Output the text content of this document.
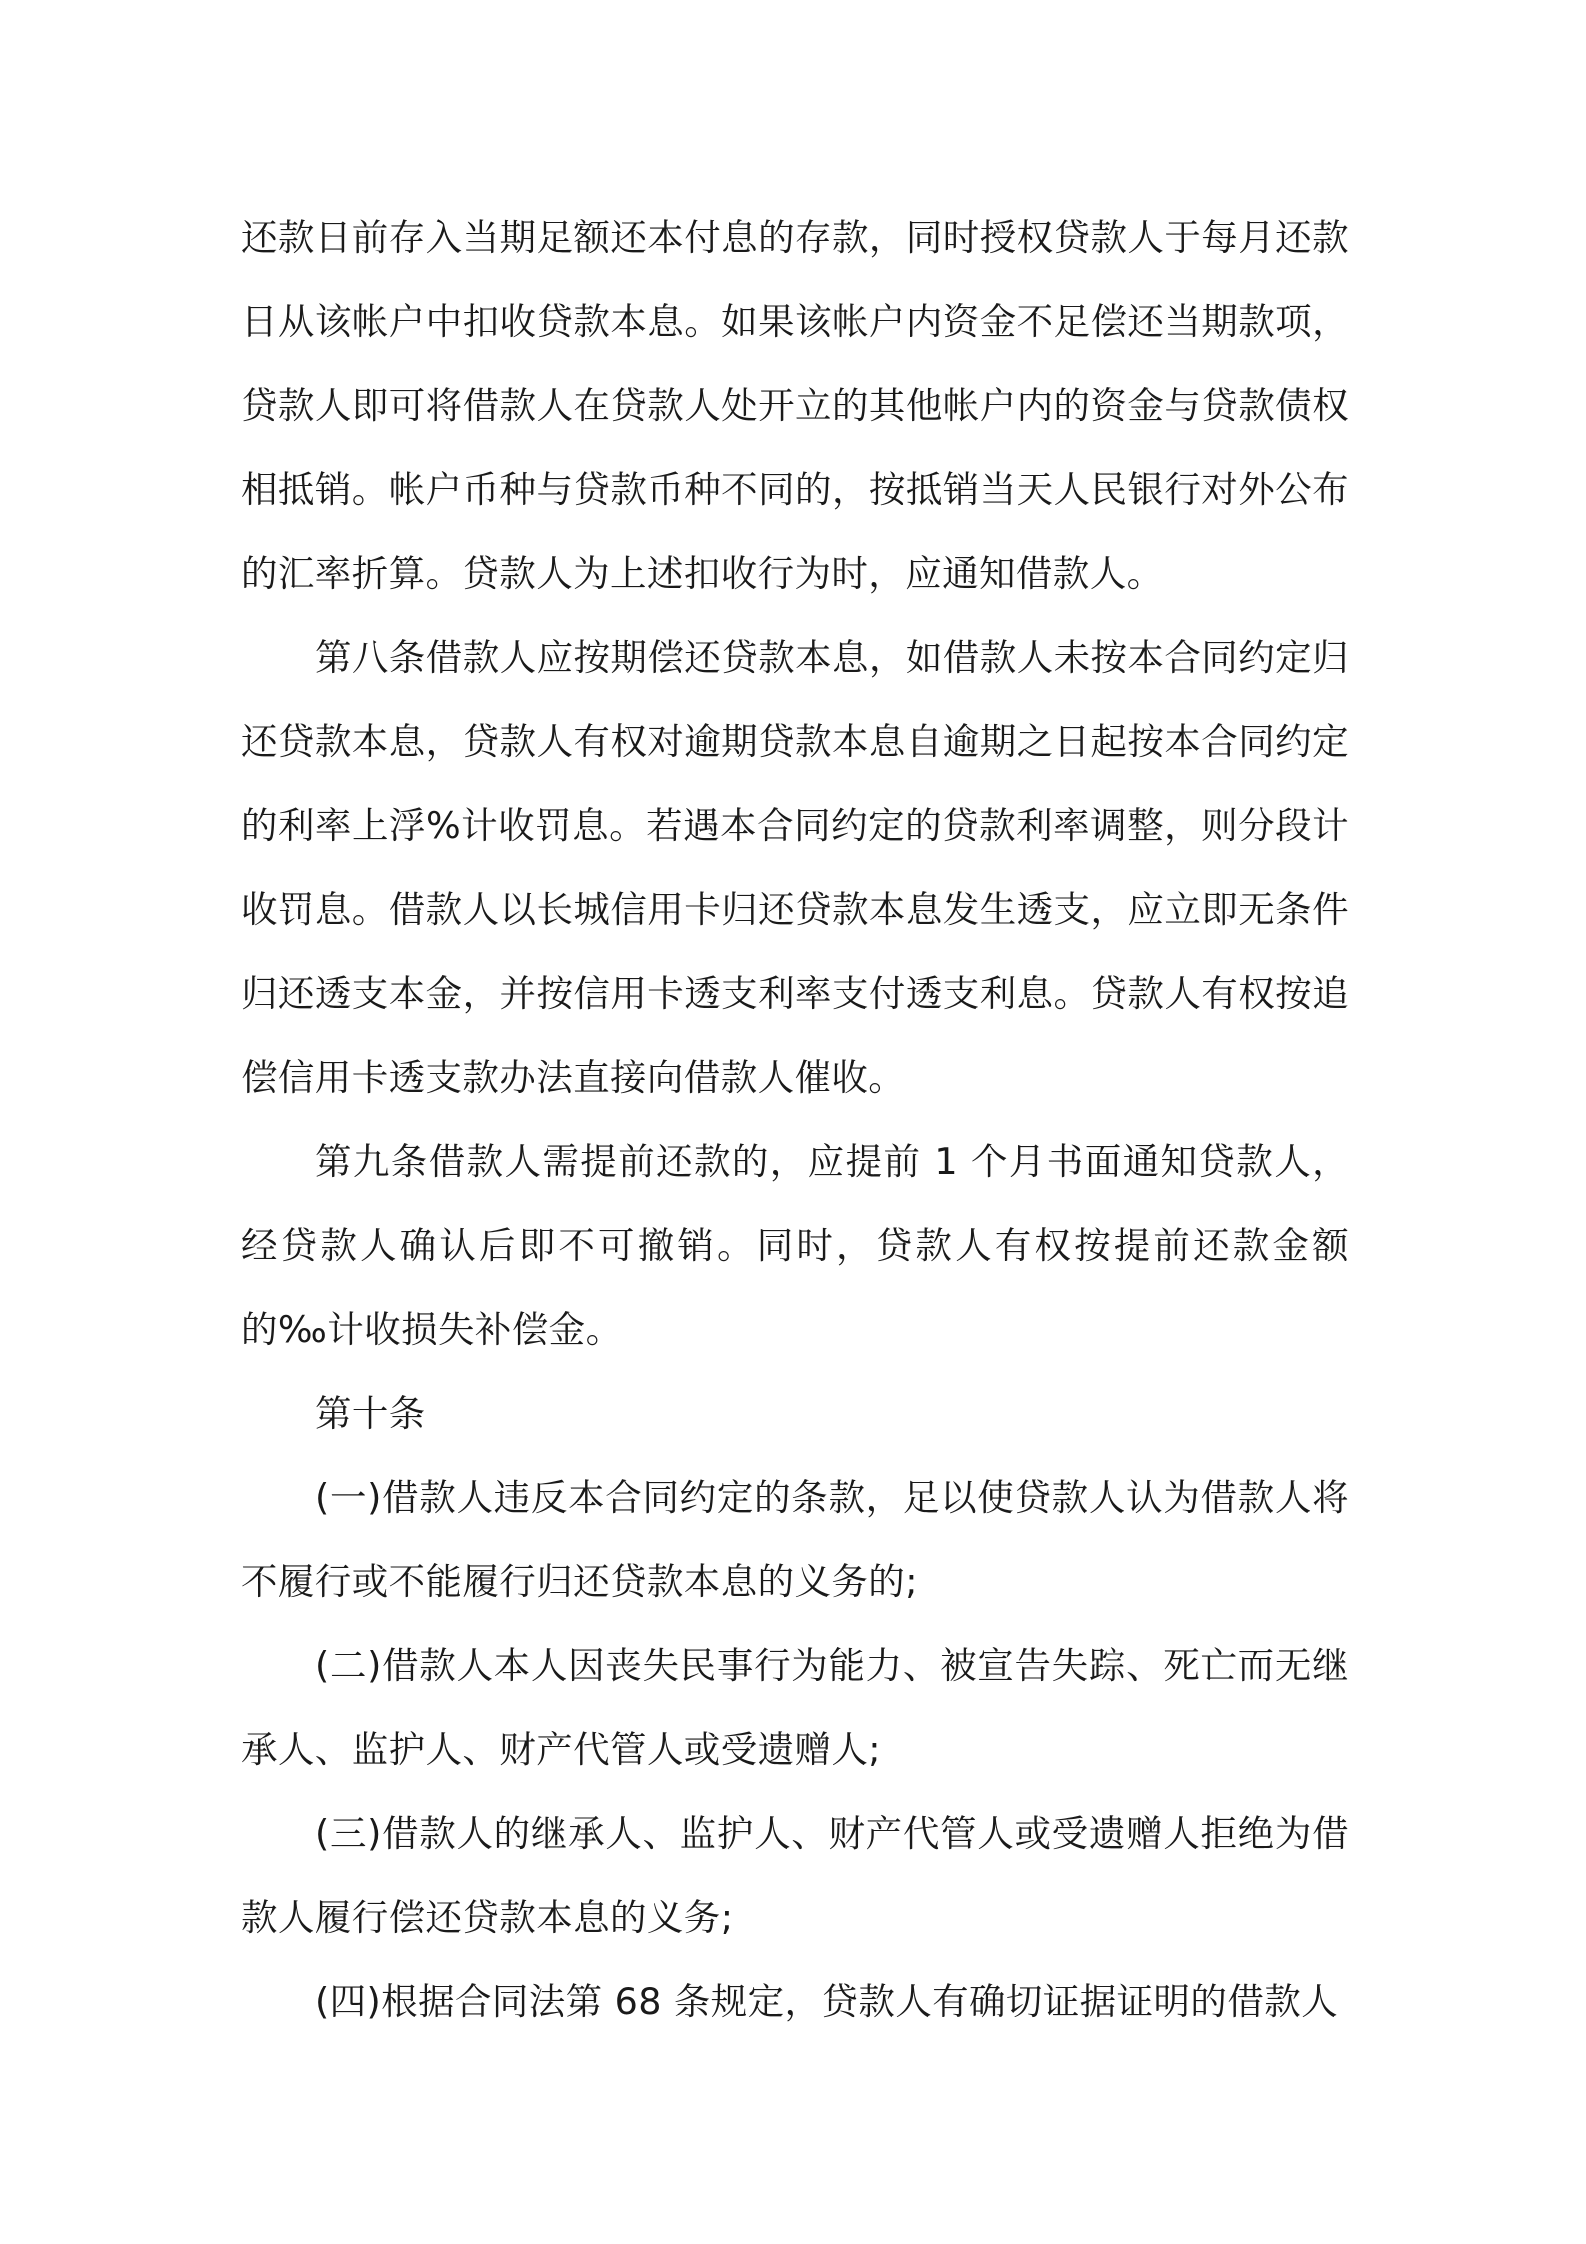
还款日前存入当期足额还本付息的存款，同时授权贷款人于每月还款日从该帐户中扣收贷款本息。如果该帐户内资金不足偿还当期款项，贷款人即可将借款人在贷款人处开立的其他帐户内的资金与贷款债权相抵销。帐户币种与贷款币种不同的，按抵销当天人民银行对外公布的汇率折算。贷款人为上述扣收行为时，应通知借款人。

第八条借款人应按期偿还贷款本息，如借款人未按本合同约定归还贷款本息，贷款人有权对逾期贷款本息自逾期之日起按本合同约定的利率上浮%计收罚息。若遇本合同约定的贷款利率调整，则分段计收罚息。借款人以长城信用卡归还贷款本息发生透支，应立即无条件归还透支本金，并按信用卡透支利率支付透支利息。贷款人有权按追偿信用卡透支款办法直接向借款人催收。

第九条借款人需提前还款的，应提前 1 个月书面通知贷款人，经贷款人确认后即不可撤销。同时，贷款人有权按提前还款金额的‰计收损失补偿金。

第十条

(一)借款人违反本合同约定的条款，足以使贷款人认为借款人将不履行或不能履行归还贷款本息的义务的;

(二)借款人本人因丧失民事行为能力、被宣告失踪、死亡而无继承人、监护人、财产代管人或受遗赠人;

(三)借款人的继承人、监护人、财产代管人或受遗赠人拒绝为借款人履行偿还贷款本息的义务;

(四)根据合同法第 68 条规定，贷款人有确切证据证明的借款人
